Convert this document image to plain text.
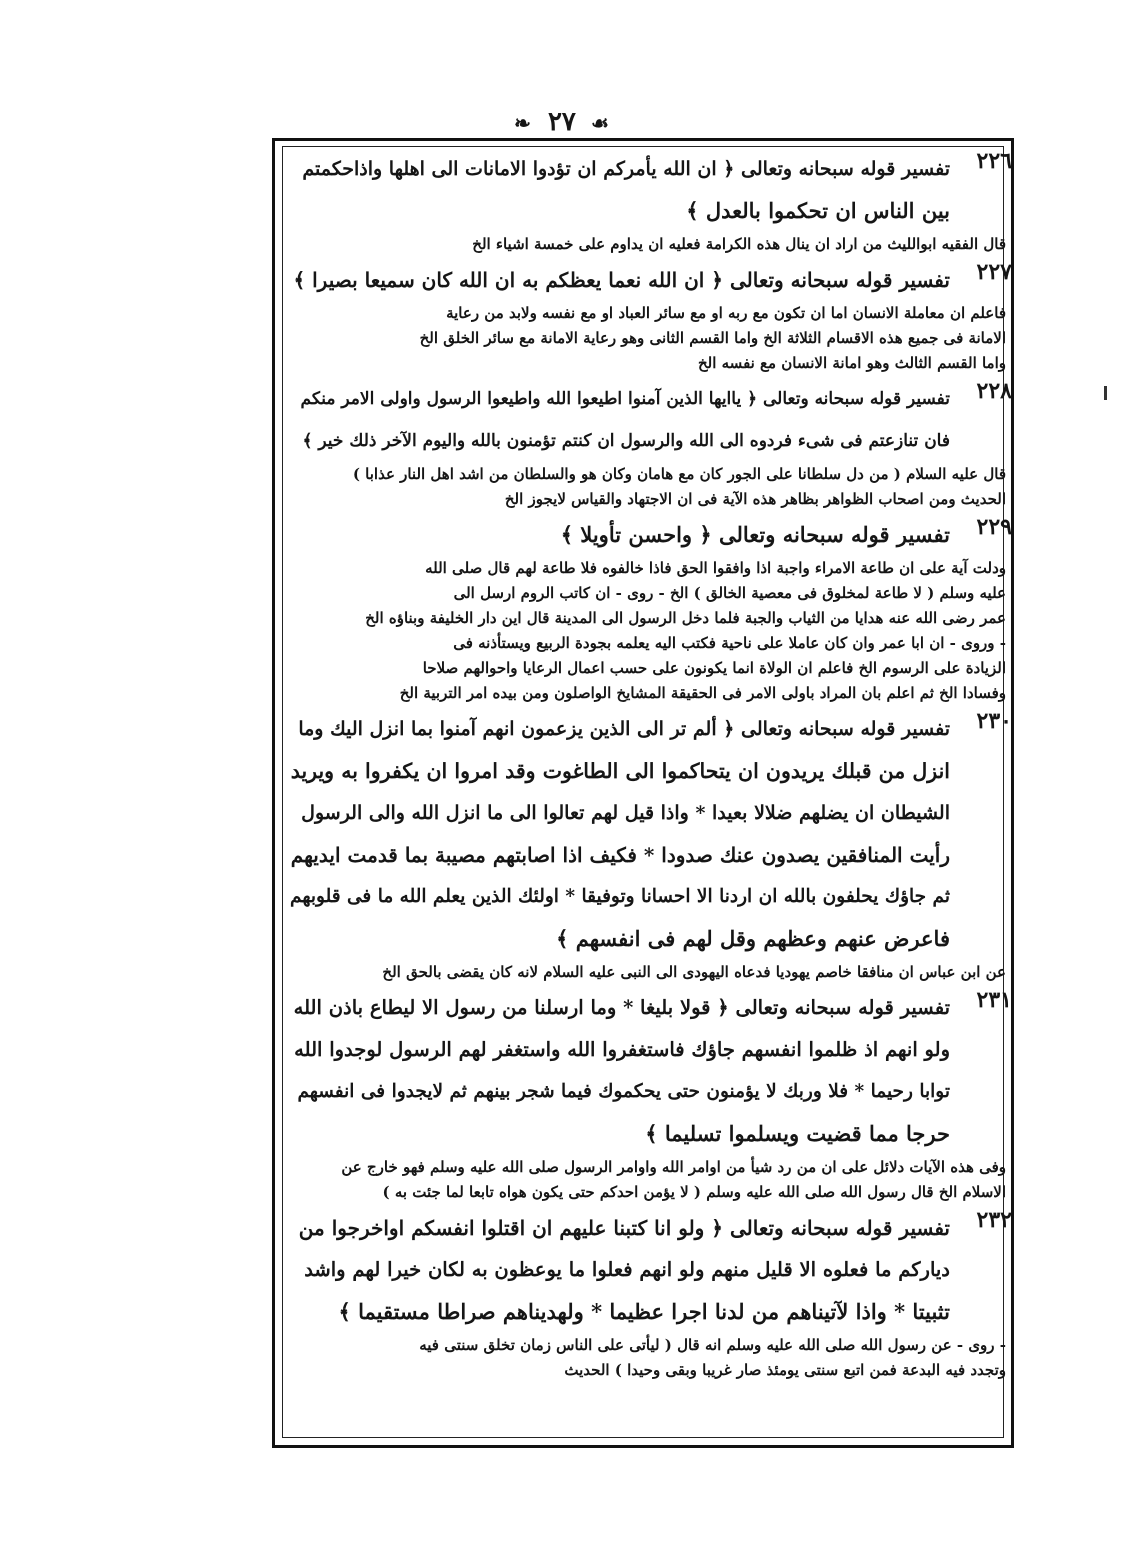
❧ ٢٧ ☙
٢٢٦
تفسير قوله سبحانه وتعالى ﴿ ان الله يأمركم ان تؤدوا الامانات الى اهلها واذاحكمتم
بين الناس ان تحكموا بالعدل ﴾
قال الفقيه ابوالليث من اراد ان ينال هذه الكرامة فعليه ان يداوم على خمسة اشياء الخ
٢٢٧
تفسير قوله سبحانه وتعالى ﴿ ان الله نعما يعظكم به ان الله كان سميعا بصيرا ﴾
فاعلم ان معاملة الانسان اما ان تكون مع ربه او مع سائر العباد او مع نفسه ولابد من رعاية
الامانة فى جميع هذه الاقسام الثلاثة الخ واما القسم الثانى وهو رعاية الامانة مع سائر الخلق الخ
واما القسم الثالث وهو امانة الانسان مع نفسه الخ
٢٢٨
تفسير قوله سبحانه وتعالى ﴿ ياايها الذين آمنوا اطيعوا الله واطيعوا الرسول واولى الامر منكم
فان تنازعتم فى شىء فردوه الى الله والرسول ان كنتم تؤمنون بالله واليوم الآخر ذلك خير ﴾
قال عليه السلام ( من دل سلطانا على الجور كان مع هامان وكان هو والسلطان من اشد اهل النار عذابا )
الحديث ومن اصحاب الظواهر بظاهر هذه الآية فى ان الاجتهاد والقياس لايجوز الخ
٢٢٩
تفسير قوله سبحانه وتعالى ﴿ واحسن تأويلا ﴾
ودلت آية على ان طاعة الامراء واجبة اذا وافقوا الحق فاذا خالفوه فلا طاعة لهم قال صلى الله
عليه وسلم ( لا طاعة لمخلوق فى معصية الخالق ) الخ - روى - ان كاتب الروم ارسل الى
عمر رضى الله عنه هدايا من الثياب والجبة فلما دخل الرسول الى المدينة قال اين دار الخليفة وبناؤه الخ
- وروى - ان ابا عمر وان كان عاملا على ناحية فكتب اليه يعلمه بجودة الربيع ويستأذنه فى
الزيادة على الرسوم الخ فاعلم ان الولاة انما يكونون على حسب اعمال الرعايا واحوالهم صلاحا
وفسادا الخ ثم اعلم بان المراد باولى الامر فى الحقيقة المشايخ الواصلون ومن بيده امر التربية الخ
٢٣٠
تفسير قوله سبحانه وتعالى ﴿ ألم تر الى الذين يزعمون انهم آمنوا بما انزل اليك وما
انزل من قبلك يريدون ان يتحاكموا الى الطاغوت وقد امروا ان يكفروا به ويريد
الشيطان ان يضلهم ضلالا بعيدا * واذا قيل لهم تعالوا الى ما انزل الله والى الرسول
رأيت المنافقين يصدون عنك صدودا * فكيف اذا اصابتهم مصيبة بما قدمت ايديهم
ثم جاؤك يحلفون بالله ان اردنا الا احسانا وتوفيقا * اولئك الذين يعلم الله ما فى قلوبهم
فاعرض عنهم وعظهم وقل لهم فى انفسهم ﴾
عن ابن عباس ان منافقا خاصم يهوديا فدعاه اليهودى الى النبى عليه السلام لانه كان يقضى بالحق الخ
٢٣١
تفسير قوله سبحانه وتعالى ﴿ قولا بليغا * وما ارسلنا من رسول الا ليطاع باذن الله
ولو انهم اذ ظلموا انفسهم جاؤك فاستغفروا الله واستغفر لهم الرسول لوجدوا الله
توابا رحيما * فلا وربك لا يؤمنون حتى يحكموك فيما شجر بينهم ثم لايجدوا فى انفسهم
حرجا مما قضيت ويسلموا تسليما ﴾
وفى هذه الآيات دلائل على ان من رد شيأ من اوامر الله واوامر الرسول صلى الله عليه وسلم فهو خارج عن
الاسلام الخ قال رسول الله صلى الله عليه وسلم ( لا يؤمن احدكم حتى يكون هواه تابعا لما جئت به )
٢٣٢
تفسير قوله سبحانه وتعالى ﴿ ولو انا كتبنا عليهم ان اقتلوا انفسكم اواخرجوا من
دياركم ما فعلوه الا قليل منهم ولو انهم فعلوا ما يوعظون به لكان خيرا لهم واشد
تثبيتا * واذا لآتيناهم من لدنا اجرا عظيما * ولهديناهم صراطا مستقيما ﴾
- روى - عن رسول الله صلى الله عليه وسلم انه قال ( ليأتى على الناس زمان تخلق سنتى فيه
وتجدد فيه البدعة فمن اتبع سنتى يومئذ صار غريبا وبقى وحيدا ) الحديث
